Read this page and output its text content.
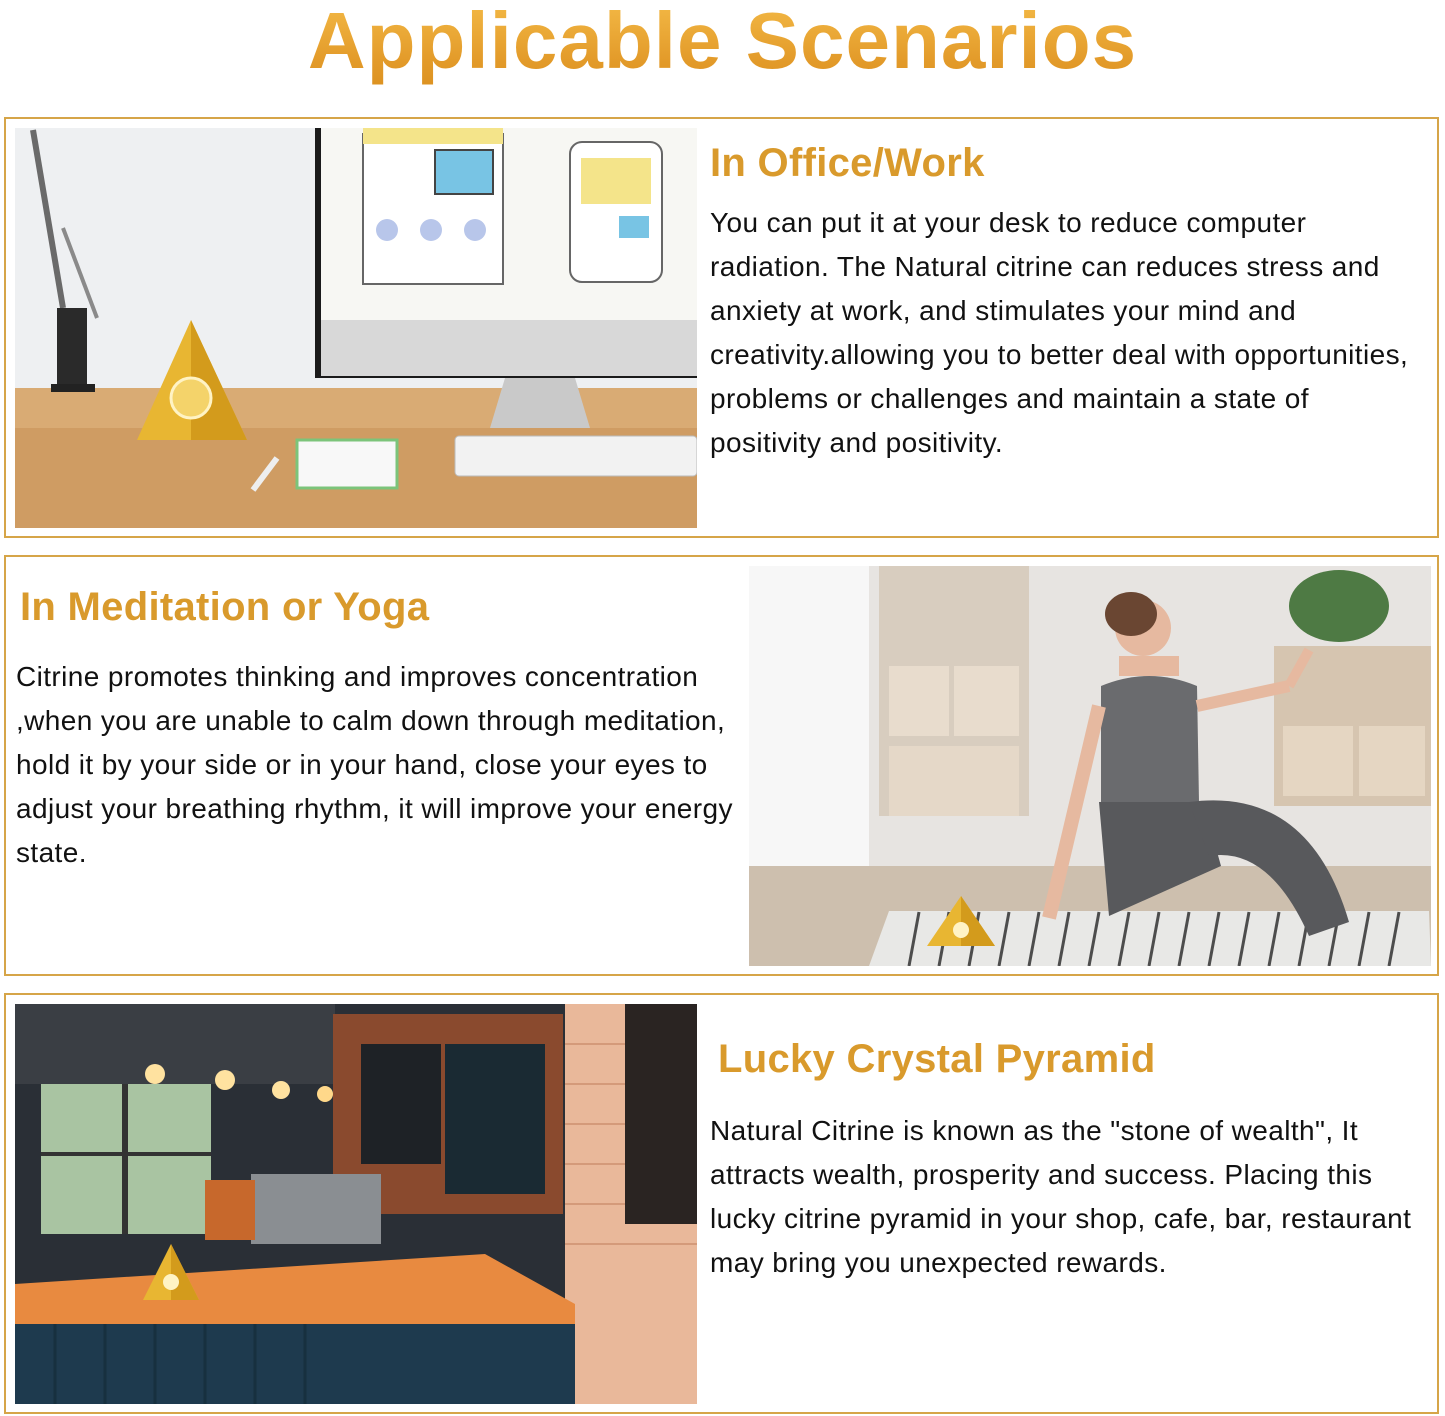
Applicable Scenarios
In Office/Work
You can put it at your desk to reduce computer radiation. The Natural citrine can reduces stress and anxiety at work, and stimulates your mind and creativity.allowing you to better deal with opportunities, problems or challenges and maintain a state of positivity and positivity.
In Meditation or Yoga
Citrine promotes thinking and improves concentration ,when you are unable to calm down through meditation, hold it by your side or in your hand, close your eyes to adjust your breathing rhythm, it will improve your energy state.
Lucky Crystal Pyramid
Natural Citrine is known as the "stone of wealth", It attracts wealth, prosperity and success. Placing this lucky citrine pyramid in your shop, cafe, bar, restaurant may bring you unexpected rewards.
